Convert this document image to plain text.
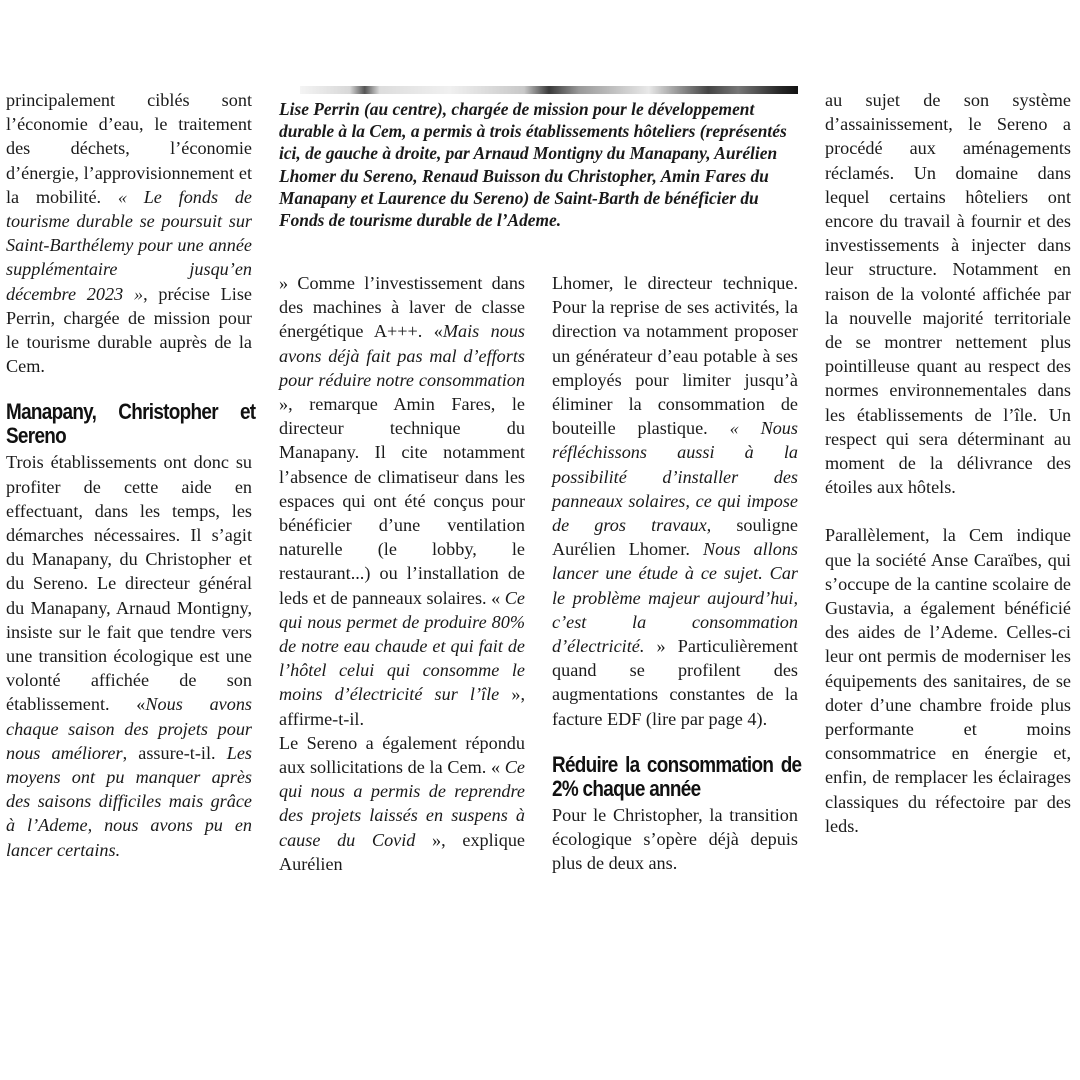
Lise Perrin (au centre), chargée de mission pour le développement durable à la Cem, a permis à trois établissements hôteliers (représentés ici, de gauche à droite, par Arnaud Montigny du Manapany, Aurélien Lhomer du Sereno, Renaud Buisson du Christopher, Amin Fares du Manapany et Laurence du Sereno) de Saint-Barth de bénéficier du Fonds de tourisme durable de l’Ademe.

principalement ciblés sont l’économie d’eau, le traitement des déchets, l’économie d’énergie, l’approvisionnement et la mobilité. « Le fonds de tourisme durable se poursuit sur Saint-Barthélemy pour une année supplémentaire jusqu’en décembre 2023 », précise Lise Perrin, chargée de mission pour le tourisme durable auprès de la Cem.

Manapany, Christopher et Sereno

Trois établissements ont donc su profiter de cette aide en effectuant, dans les temps, les démarches nécessaires. Il s’agit du Manapany, du Christopher et du Sereno. Le directeur général du Manapany, Arnaud Montigny, insiste sur le fait que tendre vers une transition écologique est une volonté affichée de son établissement. «Nous avons chaque saison des projets pour nous améliorer, assure-t-il. Les moyens ont pu manquer après des saisons difficiles mais grâce à l’Ademe, nous avons pu en lancer certains.

» Comme l’investissement dans des machines à laver de classe énergétique A+++. «Mais nous avons déjà fait pas mal d’efforts pour réduire notre consommation », remarque Amin Fares, le directeur technique du Manapany. Il cite notamment l’absence de climatiseur dans les espaces qui ont été conçus pour bénéficier d’une ventilation naturelle (le lobby, le restaurant...) ou l’installation de leds et de panneaux solaires. « Ce qui nous permet de produire 80% de notre eau chaude et qui fait de l’hôtel celui qui consomme le moins d’électricité sur l’île », affirme-t-il.

Le Sereno a également répondu aux sollicitations de la Cem. « Ce qui nous a permis de reprendre des projets laissés en suspens à cause du Covid », explique Aurélien

Lhomer, le directeur technique. Pour la reprise de ses activités, la direction va notamment proposer un générateur d’eau potable à ses employés pour limiter jusqu’à éliminer la consommation de bouteille plastique. « Nous réfléchissons aussi à la possibilité d’installer des panneaux solaires, ce qui impose de gros travaux, souligne Aurélien Lhomer. Nous allons lancer une étude à ce sujet. Car le problème majeur aujourd’hui, c’est la consommation d’électricité. » Particulièrement quand se profilent des augmentations constantes de la facture EDF (lire par page 4).

Réduire la consommation de 2% chaque année

Pour le Christopher, la transition écologique s’opère déjà depuis plus de deux ans.

au sujet de son système d’assainissement, le Sereno a procédé aux aménagements réclamés. Un domaine dans lequel certains hôteliers ont encore du travail à fournir et des investissements à injecter dans leur structure. Notamment en raison de la volonté affichée par la nouvelle majorité territoriale de se montrer nettement plus pointilleuse quant au respect des normes environnementales dans les établissements de l’île. Un respect qui sera déterminant au moment de la délivrance des étoiles aux hôtels.

Parallèlement, la Cem indique que la société Anse Caraïbes, qui s’occupe de la cantine scolaire de Gustavia, a également bénéficié des aides de l’Ademe. Celles-ci leur ont permis de moderniser les équipements des sanitaires, de se doter d’une chambre froide plus performante et moins consommatrice en énergie et, enfin, de remplacer les éclairages classiques du réfectoire par des leds.
